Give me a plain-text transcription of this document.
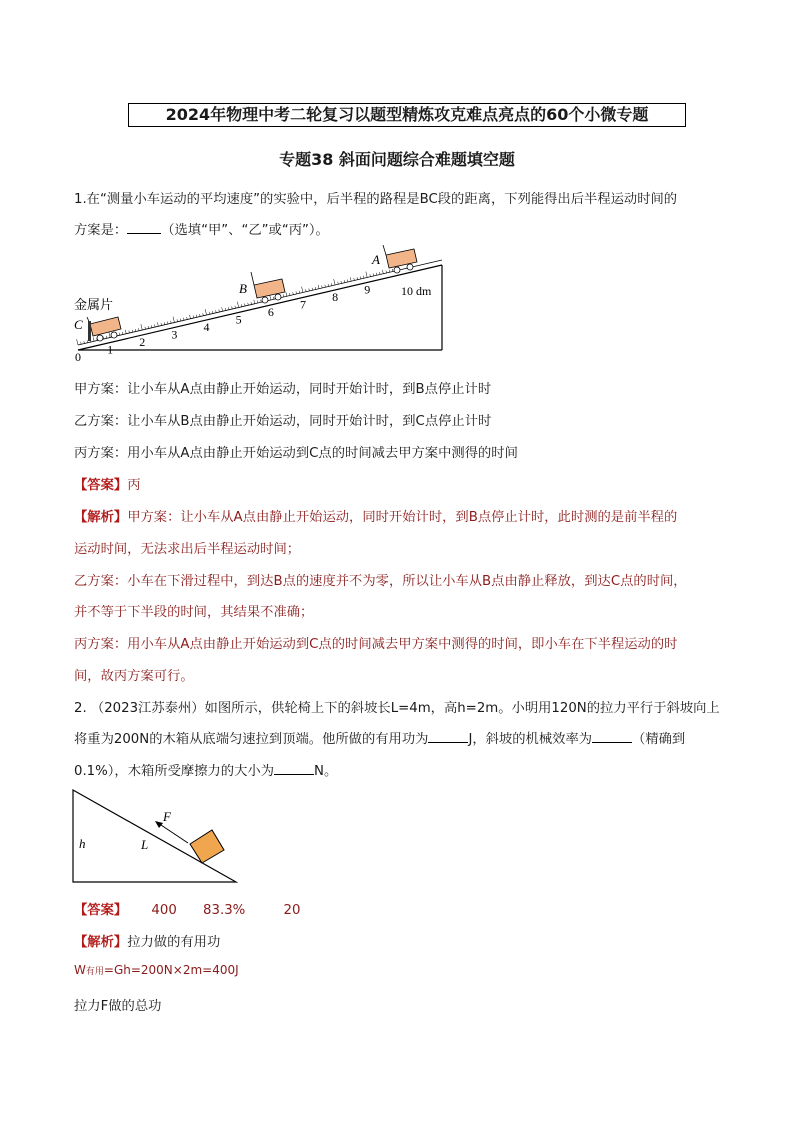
2024年物理中考二轮复习以题型精炼攻克难点亮点的60个小微专题
专题38 斜面问题综合难题填空题
1.在“测量小车运动的平均速度”的实验中，后半程的路程是BC段的距离，下列能得出后半程运动时间的
方案是：	（选填“甲”、“乙”或“丙”）。
0
1
2
3
4
5
6
7
8
9
金属片
C
B
A
10 dm
甲方案：让小车从A点由静止开始运动，同时开始计时，到B点停止计时
乙方案：让小车从B点由静止开始运动，同时开始计时，到C点停止计时
丙方案：用小车从A点由静止开始运动到C点的时间减去甲方案中测得的时间
【答案】丙
【解析】甲方案：让小车从A点由静止开始运动，同时开始计时，到B点停止计时，此时测的是前半程的
运动时间，无法求出后半程运动时间；
乙方案：小车在下滑过程中，到达B点的速度并不为零，所以让小车从B点由静止释放，到达C点的时间，
并不等于下半段的时间，其结果不准确；
丙方案：用小车从A点由静止开始运动到C点的时间减去甲方案中测得的时间，即小车在下半程运动的时
间，故丙方案可行。
2. （2023江苏泰州）如图所示，供轮椅上下的斜坡长L=4m，高h=2m。小明用120N的拉力平行于斜坡向上
将重为200N的木箱从底端匀速拉到顶端。他所做的有用功为	J，斜坡的机械效率为	（精确到
0.1%），木箱所受摩擦力的大小为	N。
F
h	L
【答案】 400 83.3%	20
【解析】拉力做的有用功
W有用=Gh=200N×2m=400J
拉力F做的总功
